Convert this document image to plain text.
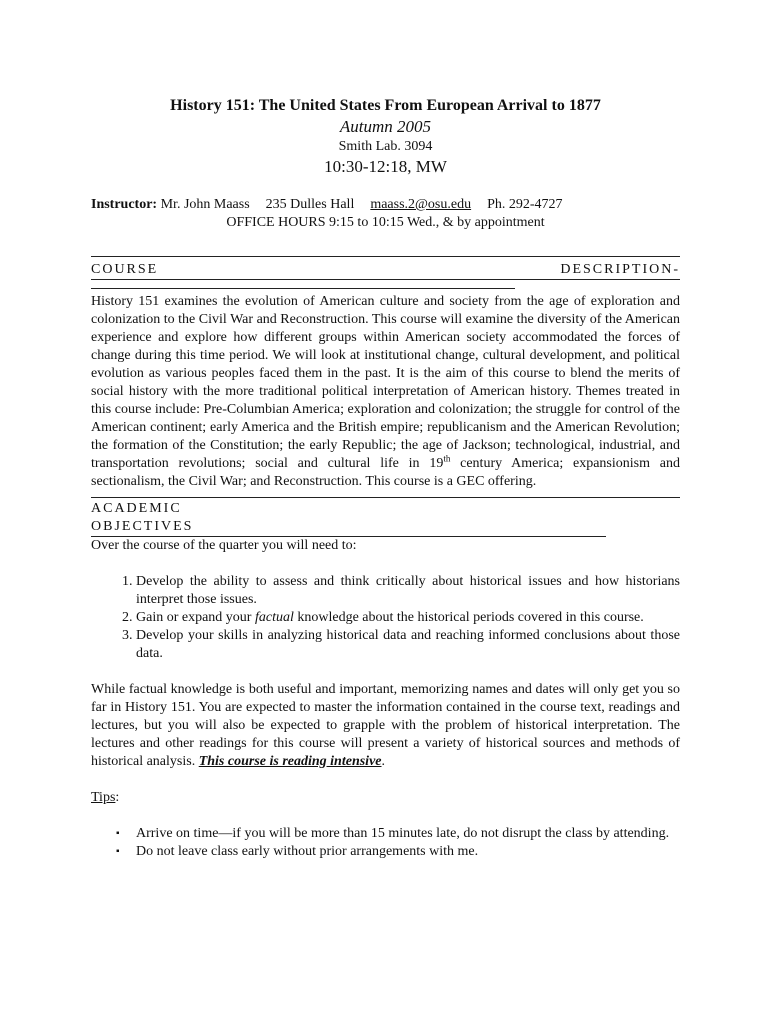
History 151: The United States From European Arrival to 1877
Autumn 2005
Smith Lab. 3094
10:30-12:18, MW
Instructor: Mr. John Maass 235 Dulles Hall maass.2@osu.edu Ph. 292-4727
OFFICE HOURS 9:15 to 10:15 Wed., & by appointment
COURSE	DESCRIPTION-

History 151 examines the evolution of American culture and society from the age of exploration and colonization to the Civil War and Reconstruction. This course will examine the diversity of the American experience and explore how different groups within American society accommodated the forces of change during this time period. We will look at institutional change, cultural development, and political evolution as various peoples faced them in the past. It is the aim of this course to blend the merits of social history with the more traditional political interpretation of American history. Themes treated in this course include: Pre-Columbian America; exploration and colonization; the struggle for control of the American continent; early America and the British empire; republicanism and the American Revolution; the formation of the Constitution; the early Republic; the age of Jackson; technological, industrial, and transportation revolutions; social and cultural life in 19th century America; expansionism and sectionalism, the Civil War; and Reconstruction. This course is a GEC offering.

ACADEMIC
OBJECTIVES
Over the course of the quarter you will need to:
1. Develop the ability to assess and think critically about historical issues and how historians interpret those issues.
2. Gain or expand your factual knowledge about the historical periods covered in this course.
3. Develop your skills in analyzing historical data and reaching informed conclusions about those data.

While factual knowledge is both useful and important, memorizing names and dates will only get you so far in History 151. You are expected to master the information contained in the course text, readings and lectures, but you will also be expected to grapple with the problem of historical interpretation. The lectures and other readings for this course will present a variety of historical sources and methods of historical analysis. This course is reading intensive.

Tips:

▪ Arrive on time—if you will be more than 15 minutes late, do not disrupt the class by attending.
▪ Do not leave class early without prior arrangements with me.
